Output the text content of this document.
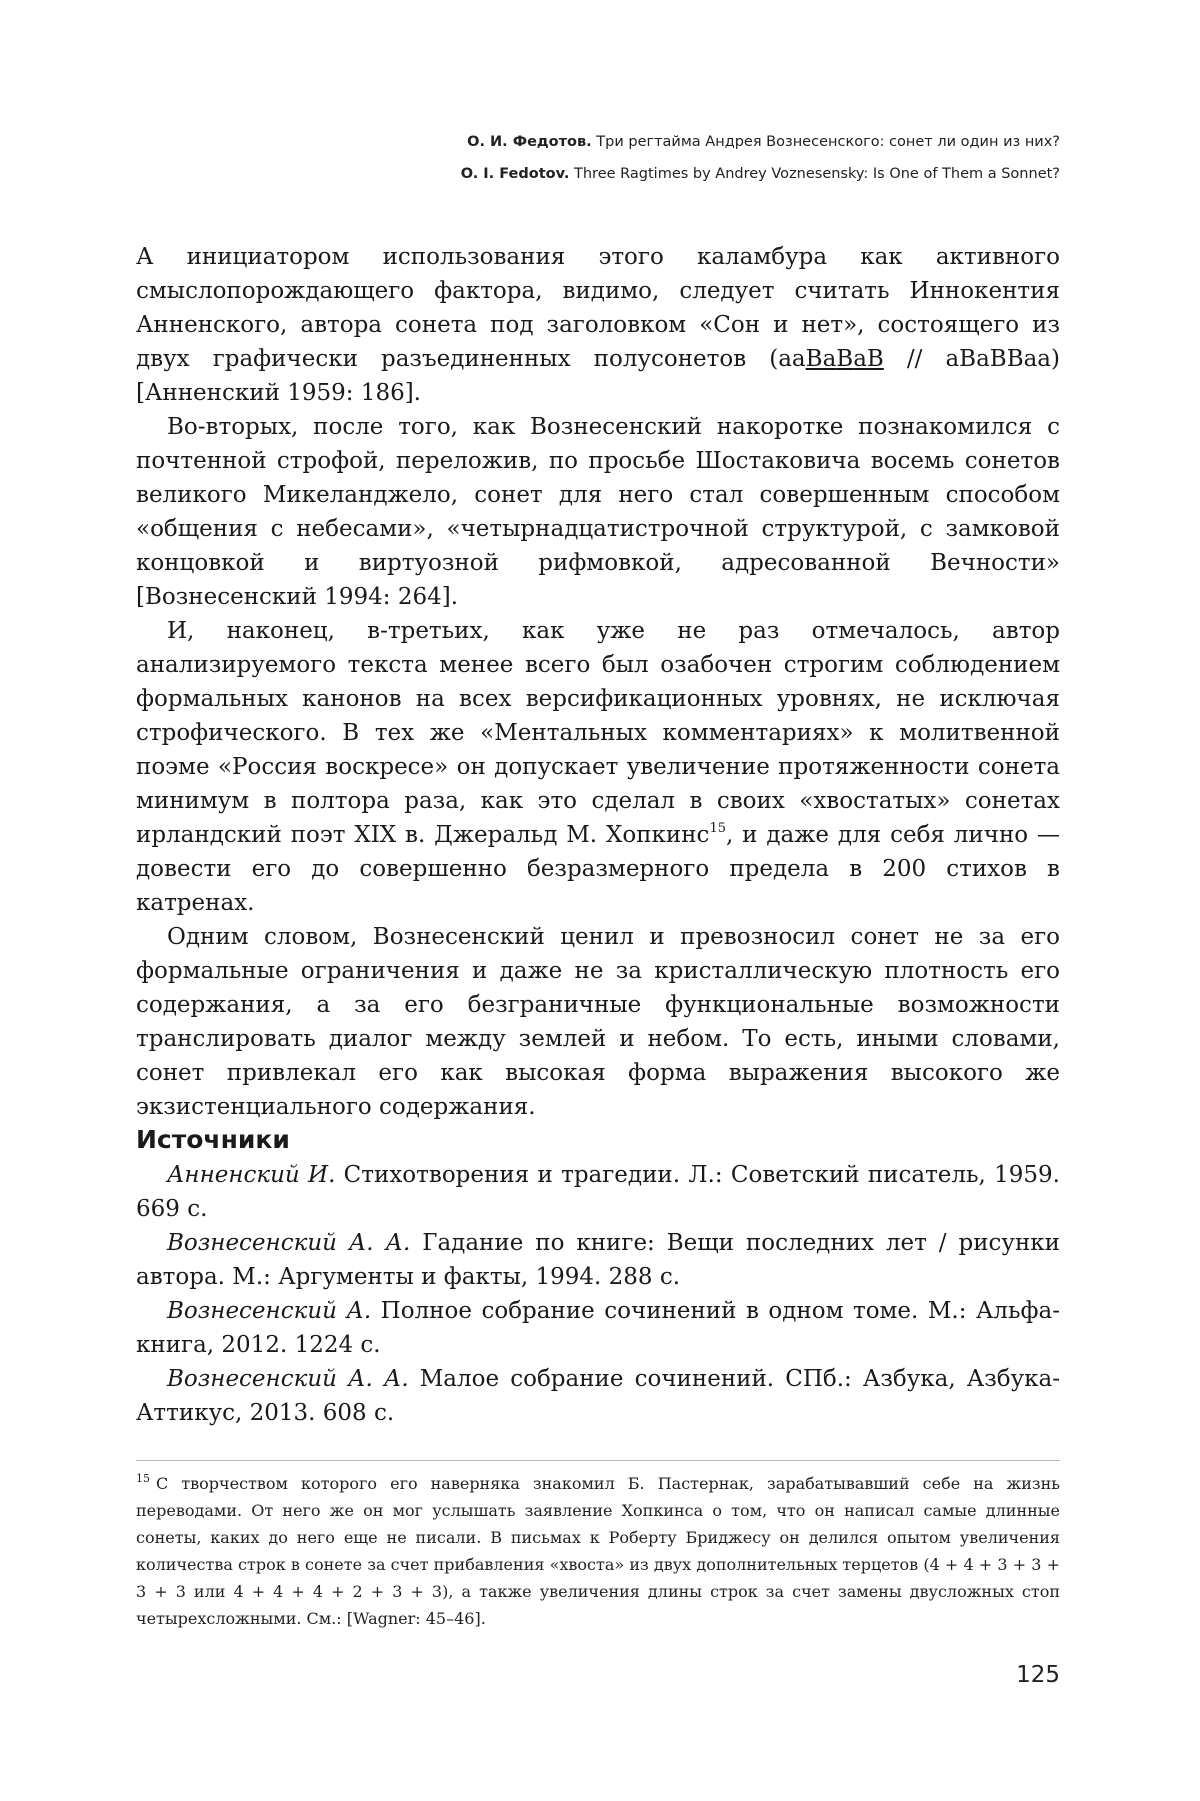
О. И. Федотов. Три регтайма Андрея Вознесенского: сонет ли один из них?
O. I. Fedotov. Three Ragtimes by Andrey Voznesensky: Is One of Them a Sonnet?

А инициатором использования этого каламбура как активного смыслопорождающего фактора, видимо, следует считать Иннокентия Анненского, автора сонета под заголовком «Сон и нет», состоящего из двух графически разъединенных полусонетов (ааВаВаВ // аВаВВаа) [Анненский 1959: 186].

Во-вторых, после того, как Вознесенский накоротке познакомился с почтенной строфой, переложив, по просьбе Шостаковича восемь сонетов великого Микеланджело, сонет для него стал совершенным способом «общения с небесами», «четырнадцатистрочной структурой, с замковой концовкой и виртуозной рифмовкой, адресованной Вечности» [Вознесенский 1994: 264].

И, наконец, в-третьих, как уже не раз отмечалось, автор анализируемого текста менее всего был озабочен строгим соблюдением формальных канонов на всех версификационных уровнях, не исключая строфического. В тех же «Ментальных комментариях» к молитвенной поэме «Россия воскресе» он допускает увеличение протяженности сонета минимум в полтора раза, как это сделал в своих «хвостатых» сонетах ирландский поэт XIX в. Джеральд М. Хопкинс$^{15}$, и даже для себя лично — довести его до совершенно безразмерного предела в 200 стихов в катренах.

Одним словом, Вознесенский ценил и превозносил сонет не за его формальные ограничения и даже не за кристаллическую плотность его содержания, а за его безграничные функциональные возможности транслировать диалог между землей и небом. То есть, иными словами, сонет привлекал его как высокая форма выражения высокого же экзистенциального содержания.

Источники

Анненский И. Стихотворения и трагедии. Л.: Советский писатель, 1959. 669 с.

Вознесенский А. А. Гадание по книге: Вещи последних лет / рисунки автора. М.: Аргументы и факты, 1994. 288 с.

Вознесенский А. Полное собрание сочинений в одном томе. М.: Альфа-книга, 2012. 1224 с.

Вознесенский А. А. Малое собрание сочинений. СПб.: Азбука, Азбука-Аттикус, 2013. 608 с.

$^{15}$ С творчеством которого его наверняка знакомил Б. Пастернак, зарабатывавший себе на жизнь переводами. От него же он мог услышать заявление Хопкинса о том, что он написал самые длинные сонеты, каких до него еще не писали. В письмах к Роберту Бриджесу он делился опытом увеличения количества строк в сонете за счет прибавления «хвоста» из двух дополнительных терцетов (4 + 4 + 3 + 3 + 3 + 3 или 4 + 4 + 4 + 2 + 3 + 3), а также увеличения длины строк за счет замены двусложных стоп четырехсложными. См.: [Wagner: 45–46].

125
